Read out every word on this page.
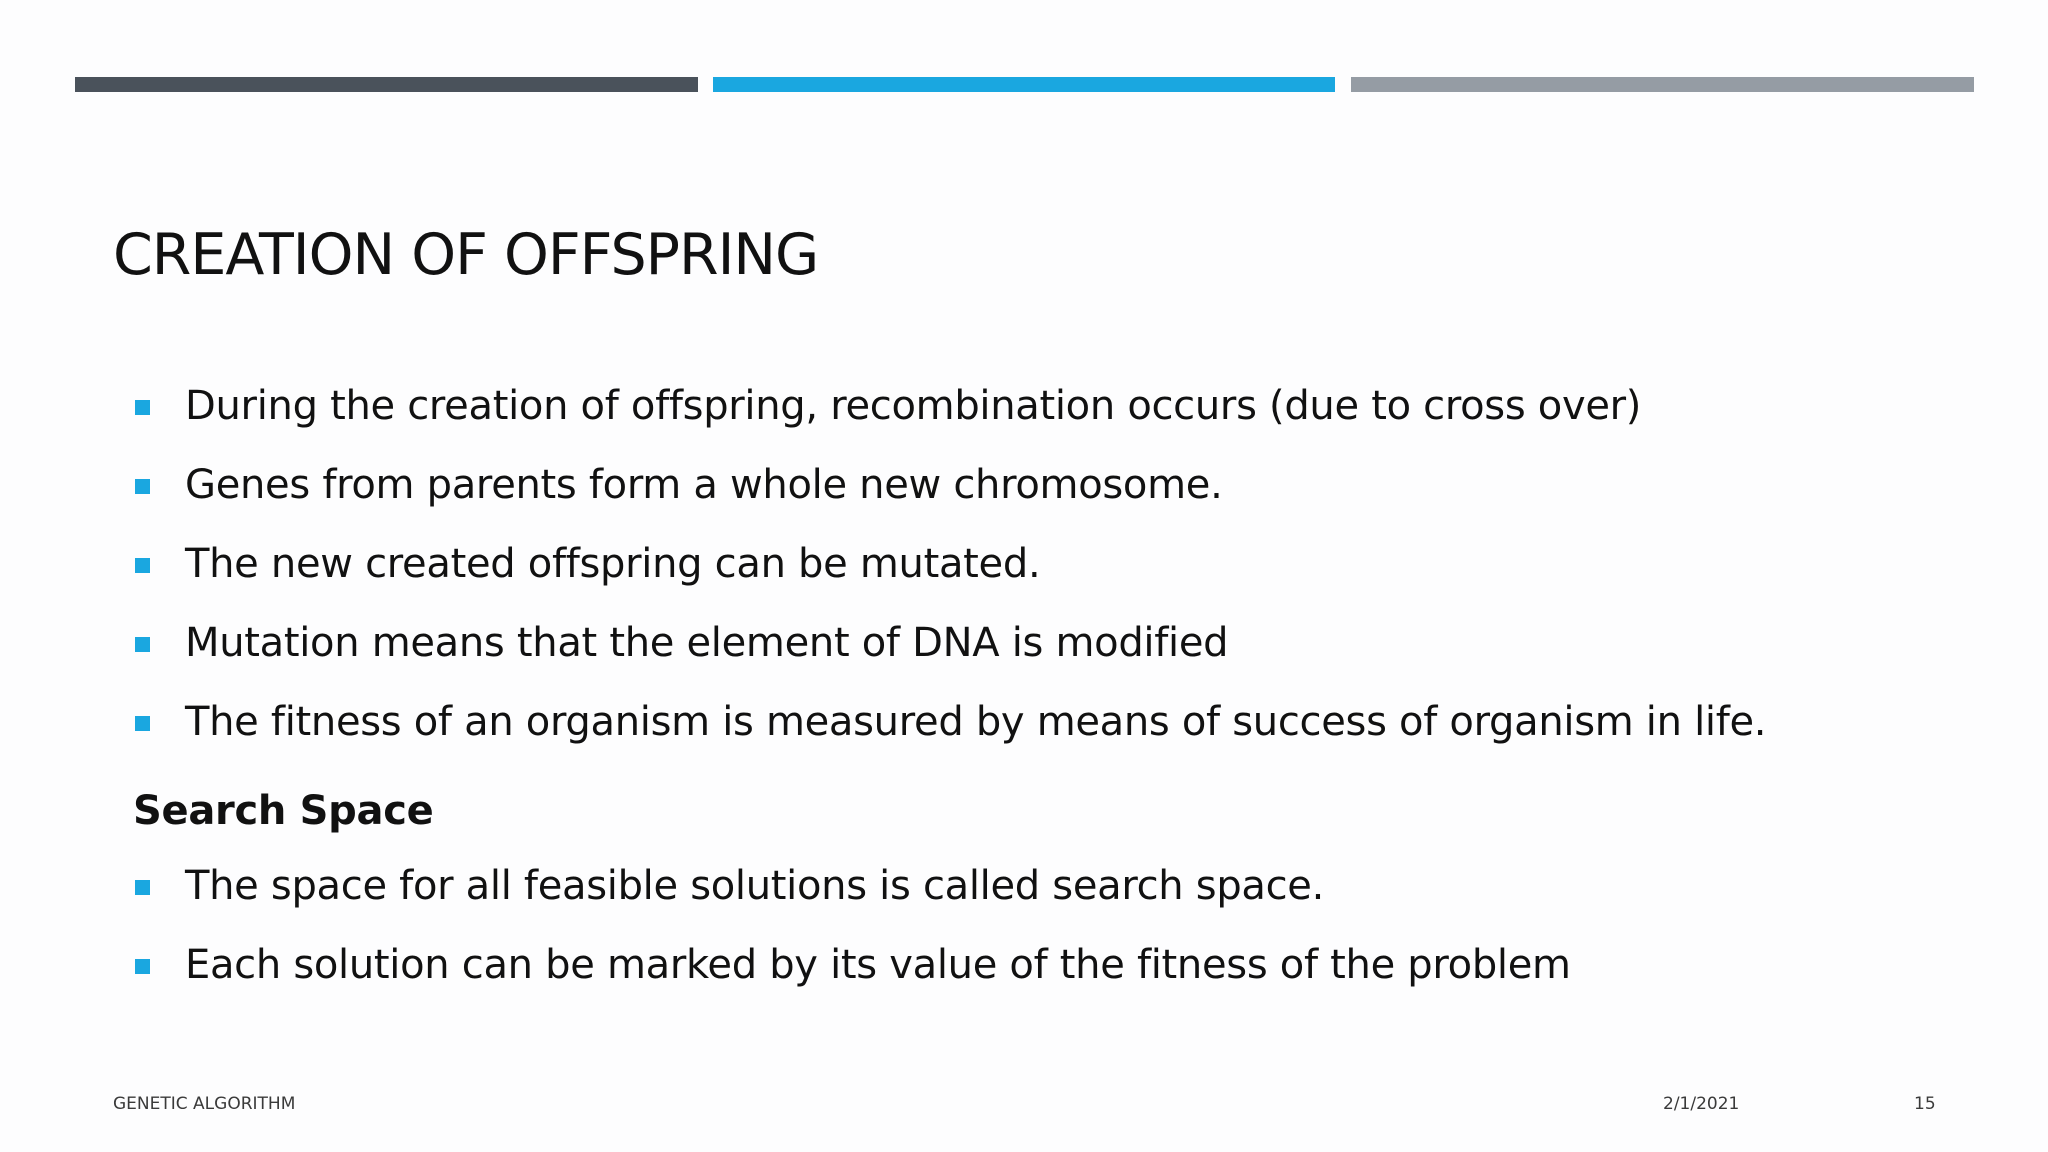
CREATION OF OFFSPRING
During the creation of offspring, recombination occurs (due to cross over)
Genes from parents form a whole new chromosome.
The new created offspring can be mutated.
Mutation means that the element of DNA is modified
The fitness of an organism is measured by means of success of organism in life.
Search Space
The space for all feasible solutions is called search space.
Each solution can be marked by its value of the fitness of the problem
GENETIC ALGORITHM	2/1/2021	15
